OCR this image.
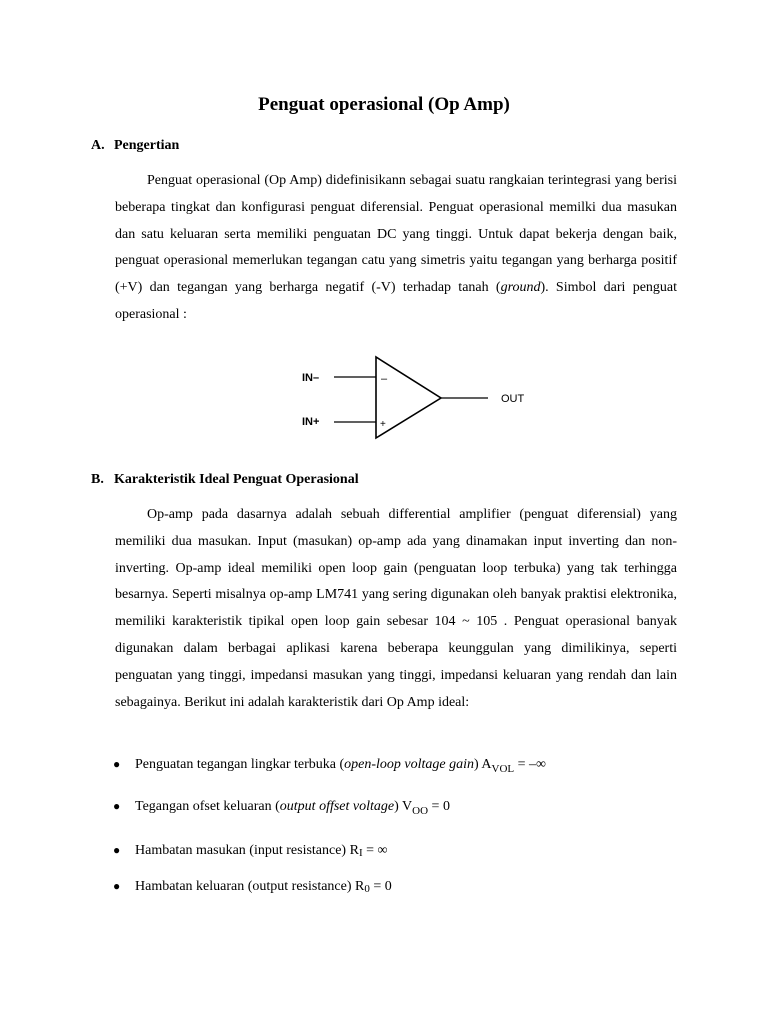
Penguat operasional (Op Amp)
A. Pengertian

Penguat operasional (Op Amp) didefinisikann sebagai suatu rangkaian terintegrasi yang berisi beberapa tingkat dan konfigurasi penguat diferensial. Penguat operasional memilki dua masukan dan satu keluaran serta memiliki penguatan DC yang tinggi. Untuk dapat bekerja dengan baik, penguat operasional memerlukan tegangan catu yang simetris yaitu tegangan yang berharga positif (+V) dan tegangan yang berharga negatif (-V) terhadap tanah (ground). Simbol dari penguat operasional :

IN–
IN+
–
+
OUT
B. Karakteristik Ideal Penguat Operasional

Op-amp pada dasarnya adalah sebuah differential amplifier (penguat diferensial) yang memiliki dua masukan. Input (masukan) op-amp ada yang dinamakan input inverting dan non-inverting. Op-amp ideal memiliki open loop gain (penguatan loop terbuka) yang tak terhingga besarnya. Seperti misalnya op-amp LM741 yang sering digunakan oleh banyak praktisi elektronika, memiliki karakteristik tipikal open loop gain sebesar 104 ~ 105 . Penguat operasional banyak digunakan dalam berbagai aplikasi karena beberapa keunggulan yang dimilikinya, seperti penguatan yang tinggi, impedansi masukan yang tinggi, impedansi keluaran yang rendah dan lain sebagainya. Berikut ini adalah karakteristik dari Op Amp ideal:

● Penguatan tegangan lingkar terbuka (open-loop voltage gain) $A_{VOL}$ = –∞
● Tegangan ofset keluaran (output offset voltage) $V_{OO} = 0$
● Hambatan masukan (input resistance) RI = ∞
● Hambatan keluaran (output resistance) R0 = 0
